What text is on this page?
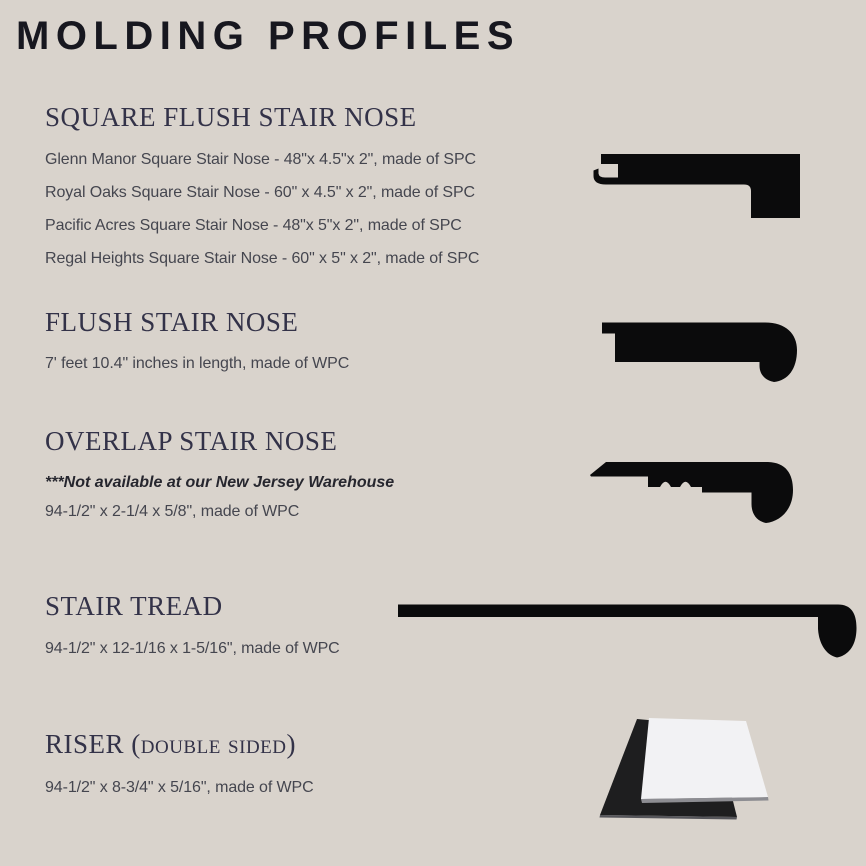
MOLDING PROFILES
SQUARE FLUSH STAIR NOSE
Glenn Manor Square Stair Nose - 48"x 4.5"x 2", made of SPC
Royal Oaks Square Stair Nose - 60" x 4.5" x 2", made of SPC
Pacific Acres Square Stair Nose - 48"x 5"x 2", made of SPC
Regal Heights Square Stair Nose - 60" x 5" x 2", made of SPC
FLUSH STAIR NOSE
7' feet 10.4" inches in length, made of WPC
OVERLAP STAIR NOSE
***Not available at our New Jersey Warehouse
94-1/2" x 2-1/4 x 5/8", made of WPC
STAIR TREAD
94-1/2" x 12-1/16 x 1-5/16", made of WPC
RISER (double sided)
94-1/2" x 8-3/4" x 5/16", made of WPC
